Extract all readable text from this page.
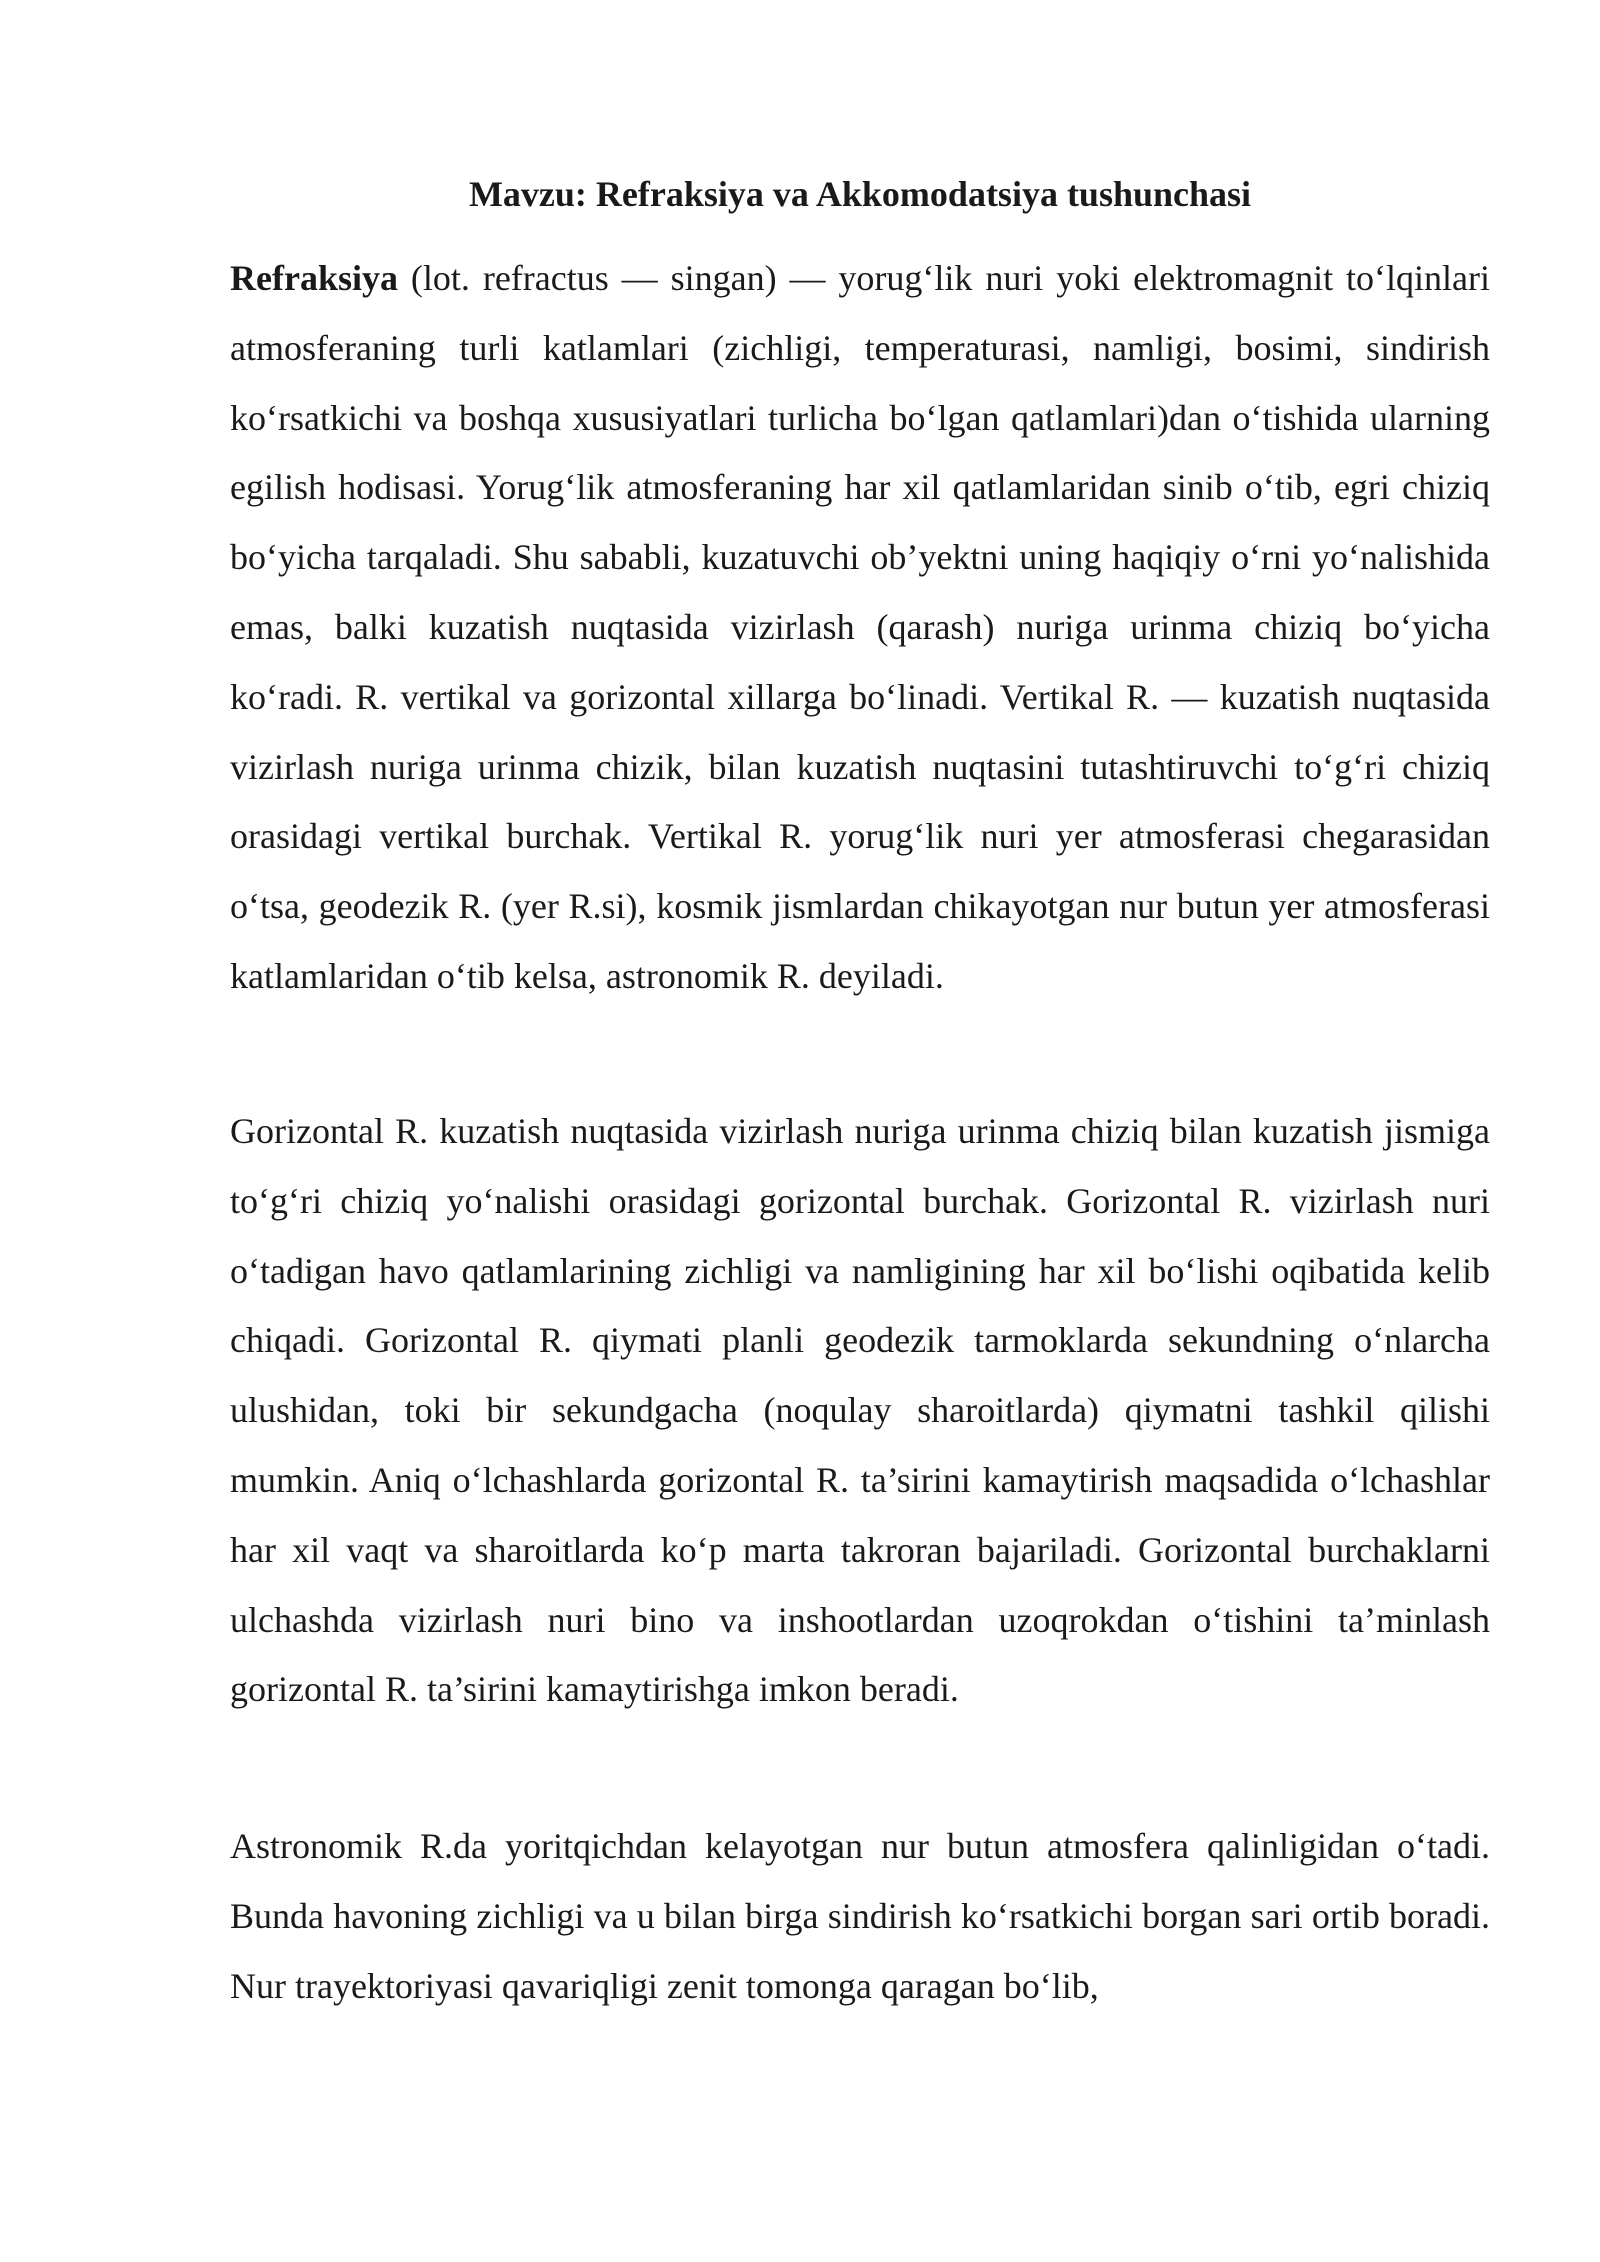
Mavzu: Refraksiya va Akkomodatsiya tushunchasi

Refraksiya (lot. refractus — singan) — yorug‘lik nuri yoki elektromagnit to‘lqinlari atmosferaning turli katlamlari (zichligi, temperaturasi, namligi, bosimi, sindirish ko‘rsatkichi va boshqa xususiyatlari turlicha bo‘lgan qatlamlari)dan o‘tishida ularning egilish hodisasi. Yorug‘lik atmosferaning har xil qatlamlaridan sinib o‘tib, egri chiziq bo‘yicha tarqaladi. Shu sababli, kuzatuvchi ob’yektni uning haqiqiy o‘rni yo‘nalishida emas, balki kuzatish nuqtasida vizirlash (qarash) nuriga urinma chiziq bo‘yicha ko‘radi. R. vertikal va gorizontal xillarga bo‘linadi. Vertikal R. — kuzatish nuqtasida vizirlash nuriga urinma chizik, bilan kuzatish nuqtasini tutashtiruvchi to‘g‘ri chiziq orasidagi vertikal burchak. Vertikal R. yorug‘lik nuri yer atmosferasi chegarasidan o‘tsa, geodezik R. (yer R.si), kosmik jismlardan chikayotgan nur butun yer atmosferasi katlamlaridan o‘tib kelsa, astronomik R. deyiladi.

Gorizontal R. kuzatish nuqtasida vizirlash nuriga urinma chiziq bilan kuzatish jismiga to‘g‘ri chiziq yo‘nalishi orasidagi gorizontal burchak. Gorizontal R. vizirlash nuri o‘tadigan havo qatlamlarining zichligi va namligining har xil bo‘lishi oqibatida kelib chiqadi. Gorizontal R. qiymati planli geodezik tarmoklarda sekundning o‘nlarcha ulushidan, toki bir sekundgacha (noqulay sharoitlarda) qiymatni tashkil qilishi mumkin. Aniq o‘lchashlarda gorizontal R. ta’sirini kamaytirish maqsadida o‘lchashlar har xil vaqt va sharoitlarda ko‘p marta takroran bajariladi. Gorizontal burchaklarni ulchashda vizirlash nuri bino va inshootlardan uzoqrokdan o‘tishini ta’minlash gorizontal R. ta’sirini kamaytirishga imkon beradi.

Astronomik R.da yoritqichdan kelayotgan nur butun atmosfera qalinligidan o‘tadi. Bunda havoning zichligi va u bilan birga sindirish ko‘rsatkichi borgan sari ortib boradi. Nur trayektoriyasi qavariqligi zenit tomonga qaragan bo‘lib,
